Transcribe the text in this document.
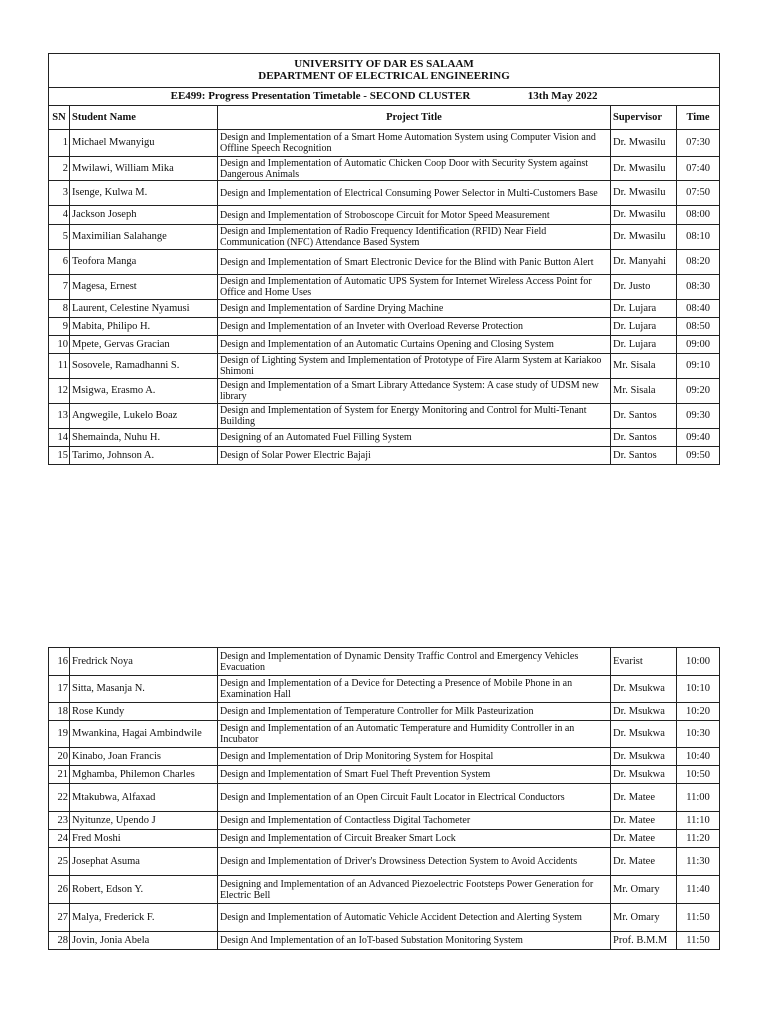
UNIVERSITY OF DAR ES SALAAM
DEPARTMENT OF ELECTRICAL ENGINEERING				

EE499: Progress Presentation Timetable - SECOND CLUSTER 13th May 2022				
SN	Student Name	Project Title	Supervisor	Time
1	Michael Mwanyigu	Design and Implementation of a Smart Home Automation System using Computer Vision and Offline Speech Recognition	Dr. Mwasilu	07:30
2	Mwilawi, William Mika	Design and Implementation of Automatic Chicken Coop Door with Security System against Dangerous Animals	Dr. Mwasilu	07:40
3	Isenge, Kulwa M.	Design and Implementation of Electrical Consuming Power Selector in Multi-Customers Base	Dr. Mwasilu	07:50
4	Jackson Joseph	Design and Implementation of Stroboscope Circuit for Motor Speed Measurement	Dr. Mwasilu	08:00
5	Maximilian Salahange	Design and Implementation of Radio Frequency Identification (RFID) Near Field Communication (NFC) Attendance Based System	Dr. Mwasilu	08:10
6	Teofora Manga	Design and Implementation of Smart Electronic Device for the Blind with Panic Button Alert	Dr. Manyahi	08:20
7	Magesa, Ernest	Design and Implementation of Automatic UPS System for Internet Wireless Access Point for Office and Home Uses	Dr. Justo	08:30
8	Laurent, Celestine Nyamusi	Design and Implementation of Sardine Drying Machine	Dr. Lujara	08:40
9	Mabita, Philipo H.	Design and Implementation of an Inveter with Overload Reverse Protection	Dr. Lujara	08:50
10	Mpete, Gervas Gracian	Design and Implementation of an Automatic Curtains Opening and Closing System	Dr. Lujara	09:00
11	Sosovele, Ramadhanni S.	Design of Lighting System and Implementation of Prototype of Fire Alarm System at Kariakoo Shimoni	Mr. Sisala	09:10
12	Msigwa, Erasmo A.	Design and Implementation of a Smart Library Attedance System: A case study of UDSM new library	Mr. Sisala	09:20
13	Angwegile, Lukelo Boaz	Design and Implementation of System for Energy Monitoring and Control for Multi-Tenant Building	Dr. Santos	09:30
14	Shemainda, Nuhu H.	Designing of an Automated Fuel Filling System	Dr. Santos	09:40
15	Tarimo, Johnson A.	Design of Solar Power Electric Bajaji	Dr. Santos	09:50
16	Fredrick Noya	Design and Implementation of Dynamic Density Traffic Control and Emergency Vehicles Evacuation	Evarist	10:00
17	Sitta, Masanja N.	Design and Implementation of a Device for Detecting a Presence of Mobile Phone in an Examination Hall	Dr. Msukwa	10:10
18	Rose Kundy	Design and Implementation of Temperature Controller for Milk Pasteurization	Dr. Msukwa	10:20
19	Mwankina, Hagai Ambindwile	Design and Implementation of an Automatic Temperature and Humidity Controller in an Incubator	Dr. Msukwa	10:30
20	Kinabo, Joan Francis	Design and Implementation of Drip Monitoring System for Hospital	Dr. Msukwa	10:40
21	Mghamba, Philemon Charles	Design and Implementation of Smart Fuel Theft Prevention System	Dr. Msukwa	10:50
22	Mtakubwa, Alfaxad	Design and Implementation of an Open Circuit Fault Locator in Electrical Conductors	Dr. Matee	11:00
23	Nyitunze, Upendo J	Design and Implementation of Contactless Digital Tachometer	Dr. Matee	11:10
24	Fred Moshi	Design and Implementation of Circuit Breaker Smart Lock	Dr. Matee	11:20
25	Josephat Asuma	Design and Implementation of Driver's Drowsiness Detection System to Avoid Accidents	Dr. Matee	11:30
26	Robert, Edson Y.	Designing and Implementation of an Advanced Piezoelectric Footsteps Power Generation for Electric Bell	Mr. Omary	11:40
27	Malya, Frederick F.	Design and Implementation of Automatic Vehicle Accident Detection and Alerting System	Mr. Omary	11:50
28	Jovin, Jonia Abela	Design And Implementation of an IoT-based Substation Monitoring System	Prof. B.M.M	11:50
